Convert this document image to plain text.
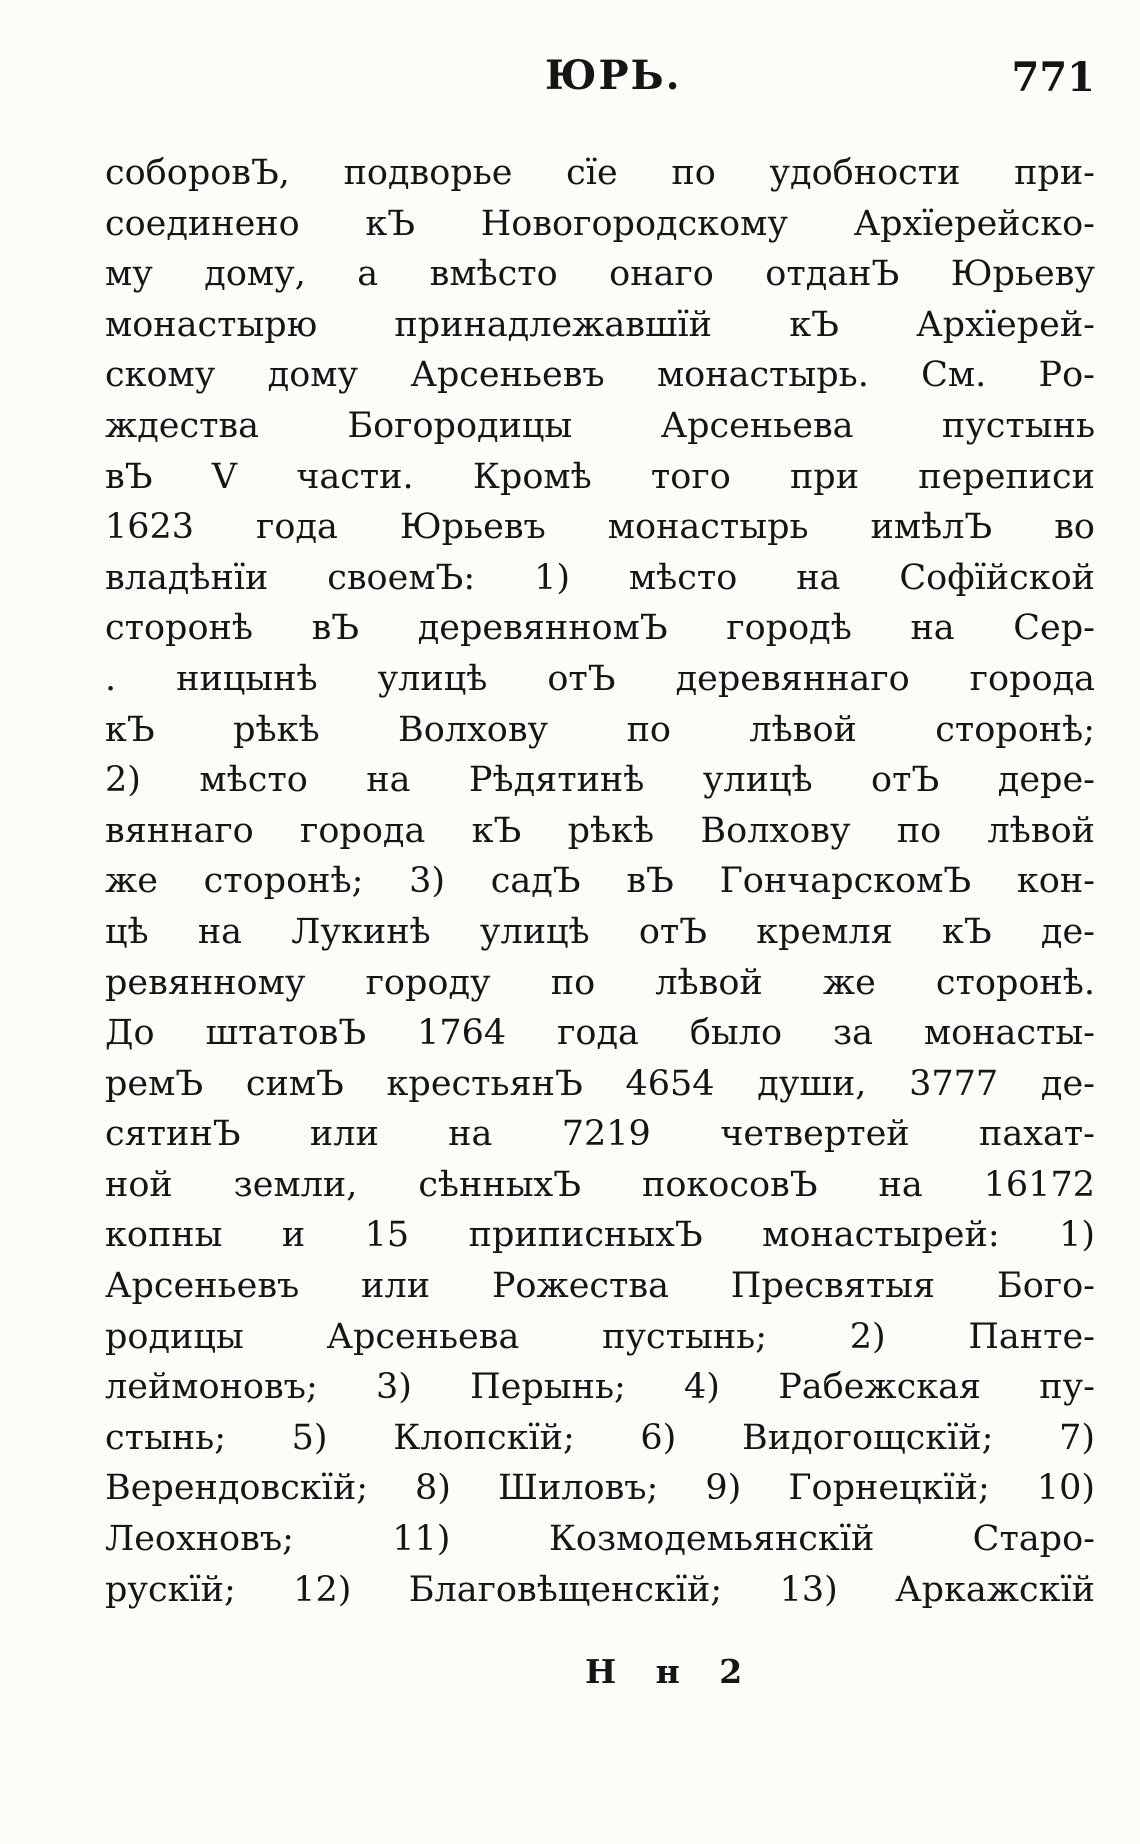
ЮРЬ.	771
соборовЪ, подворье сїе по удобности при-
соединено кЪ Новогородскому Архїерейско-
му дому, а вмѣсто онаго отданЪ Юрьеву
монастырю принадлежавшїй кЪ Архїерей-
скому дому Арсеньевъ монастырь. См. Ро-
ждества Богородицы Арсеньева пустынь
вЪ V части. Кромѣ того при переписи
1623 года Юрьевъ монастырь имѣлЪ во
владѣнїи своемЪ: 1) мѣсто на Софїйской
сторонѣ вЪ деревянномЪ городѣ на Сер-
. ницынѣ улицѣ отЪ деревяннаго города
кЪ рѣкѣ Волхову по лѣвой сторонѣ;
2) мѣсто на Рѣдятинѣ улицѣ отЪ дере-
вяннаго города кЪ рѣкѣ Волхову по лѣвой
же сторонѣ; 3) садЪ вЪ ГончарскомЪ кон-
цѣ на Лукинѣ улицѣ отЪ кремля кЪ де-
ревянному городу по лѣвой же сторонѣ.
До штатовЪ 1764 года было за монасты-
ремЪ симЪ крестьянЪ 4654 души, 3777 де-
сятинЪ или на 7219 четвертей пахат-
ной земли, сѣнныхЪ покосовЪ на 16172
копны и 15 приписныхЪ монастырей: 1)
Арсеньевъ или Рожества Пресвятыя Бого-
родицы Арсеньева пустынь; 2) Панте-
леймоновъ; 3) Перынь; 4) Рабежская пу-
стынь; 5) Клопскїй; 6) Видогощскїй; 7)
Верендовскїй; 8) Шиловъ; 9) Горнецкїй; 10)
Леохновъ; 11) Козмодемьянскїй Старо-
рускїй; 12) Благовѣщенскїй; 13) Аркажскїй
Н н 2
